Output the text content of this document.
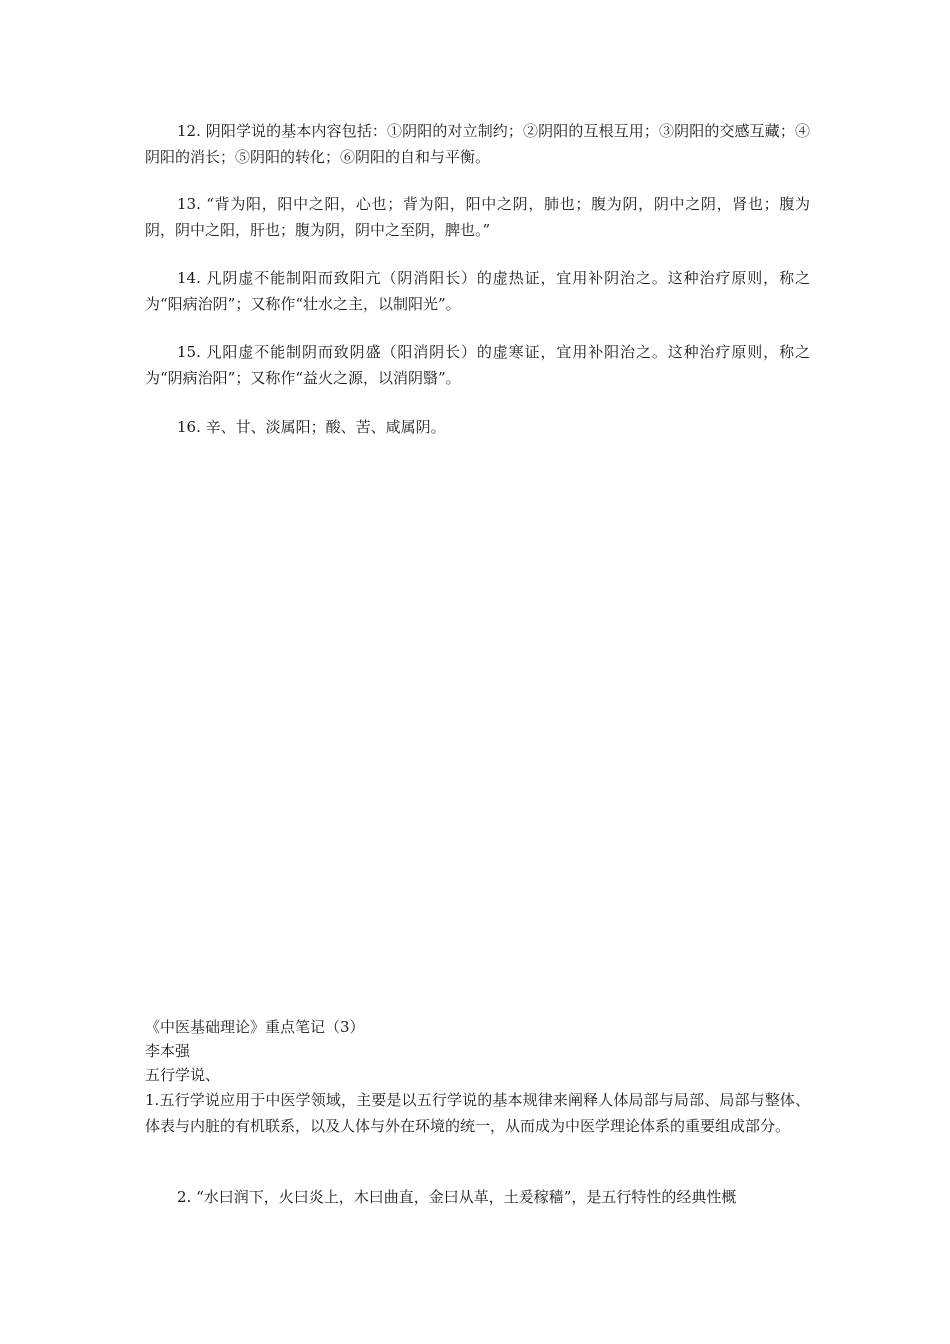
12. 阴阳学说的基本内容包括：①阴阳的对立制约；②阴阳的互根互用；③阴阳的交感互藏；④阴阳的消长；⑤阴阳的转化；⑥阴阳的自和与平衡。
13. “背为阳，阳中之阳，心也；背为阳，阳中之阴，肺也；腹为阴，阴中之阴，肾也；腹为阴，阴中之阳，肝也；腹为阴，阴中之至阴，脾也。”
14. 凡阴虚不能制阳而致阳亢（阴消阳长）的虚热证，宜用补阴治之。这种治疗原则，称之为“阳病治阴”；又称作“壮水之主，以制阳光”。
15. 凡阳虚不能制阴而致阴盛（阳消阴长）的虚寒证，宜用补阳治之。这种治疗原则，称之为“阴病治阳”；又称作“益火之源，以消阴翳”。
16. 辛、甘、淡属阳；酸、苦、咸属阴。
《中医基础理论》重点笔记（3）
李本强
五行学说、
1.五行学说应用于中医学领域，主要是以五行学说的基本规律来阐释人体局部与局部、局部与整体、体表与内脏的有机联系，以及人体与外在环境的统一，从而成为中医学理论体系的重要组成部分。
2. “水曰润下，火曰炎上，木曰曲直，金曰从革，土爰稼穑”，是五行特性的经典性概
